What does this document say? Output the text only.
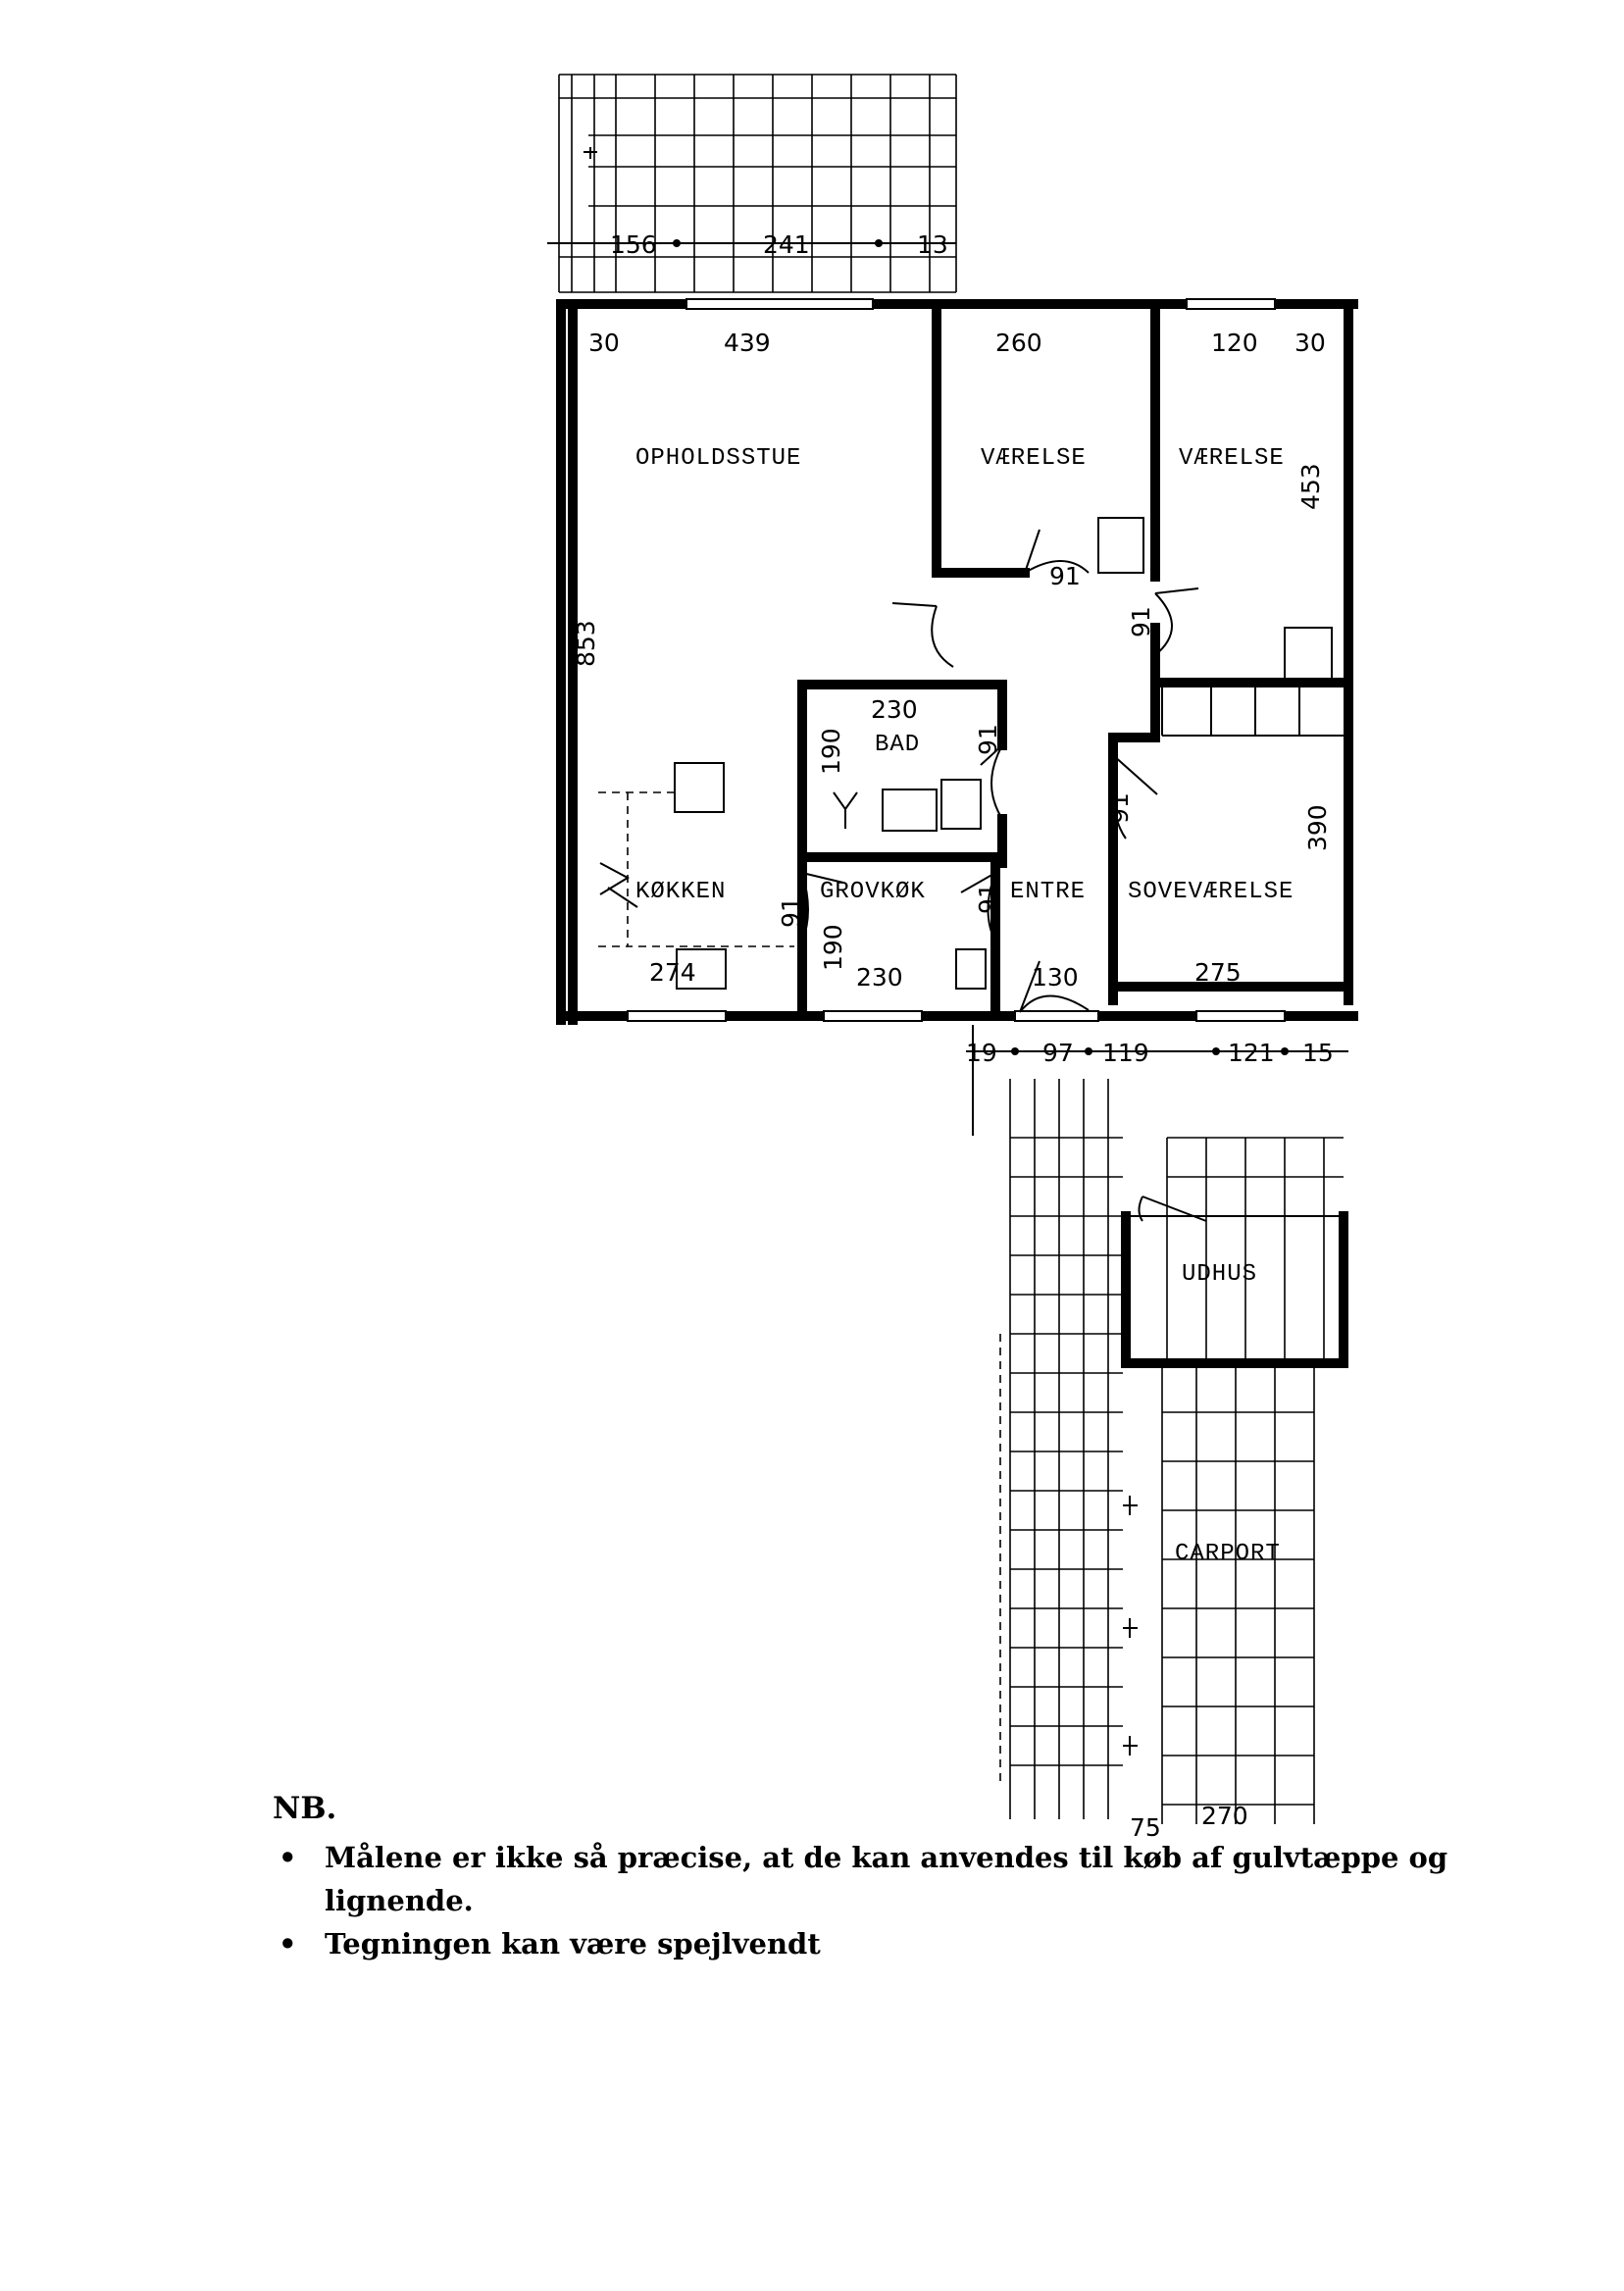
156	241	13
OPHOLDSSTUE	VÆRELSE	VÆRELSE
BAD
KØKKEN	GROVKØK	ENTRE SOVEVÆRELSE
30	439	260	120 30
453
853
91
91
230
190	91
91	390
91	91
190
230
274	130	275
19 97 119	121 15
UDHUS
CARPORT
270
75
NB.
• Målene er ikke så præcise, at de kan anvendes til køb af gulvtæppe og lignende.
• Tegningen kan være spejlvendt
